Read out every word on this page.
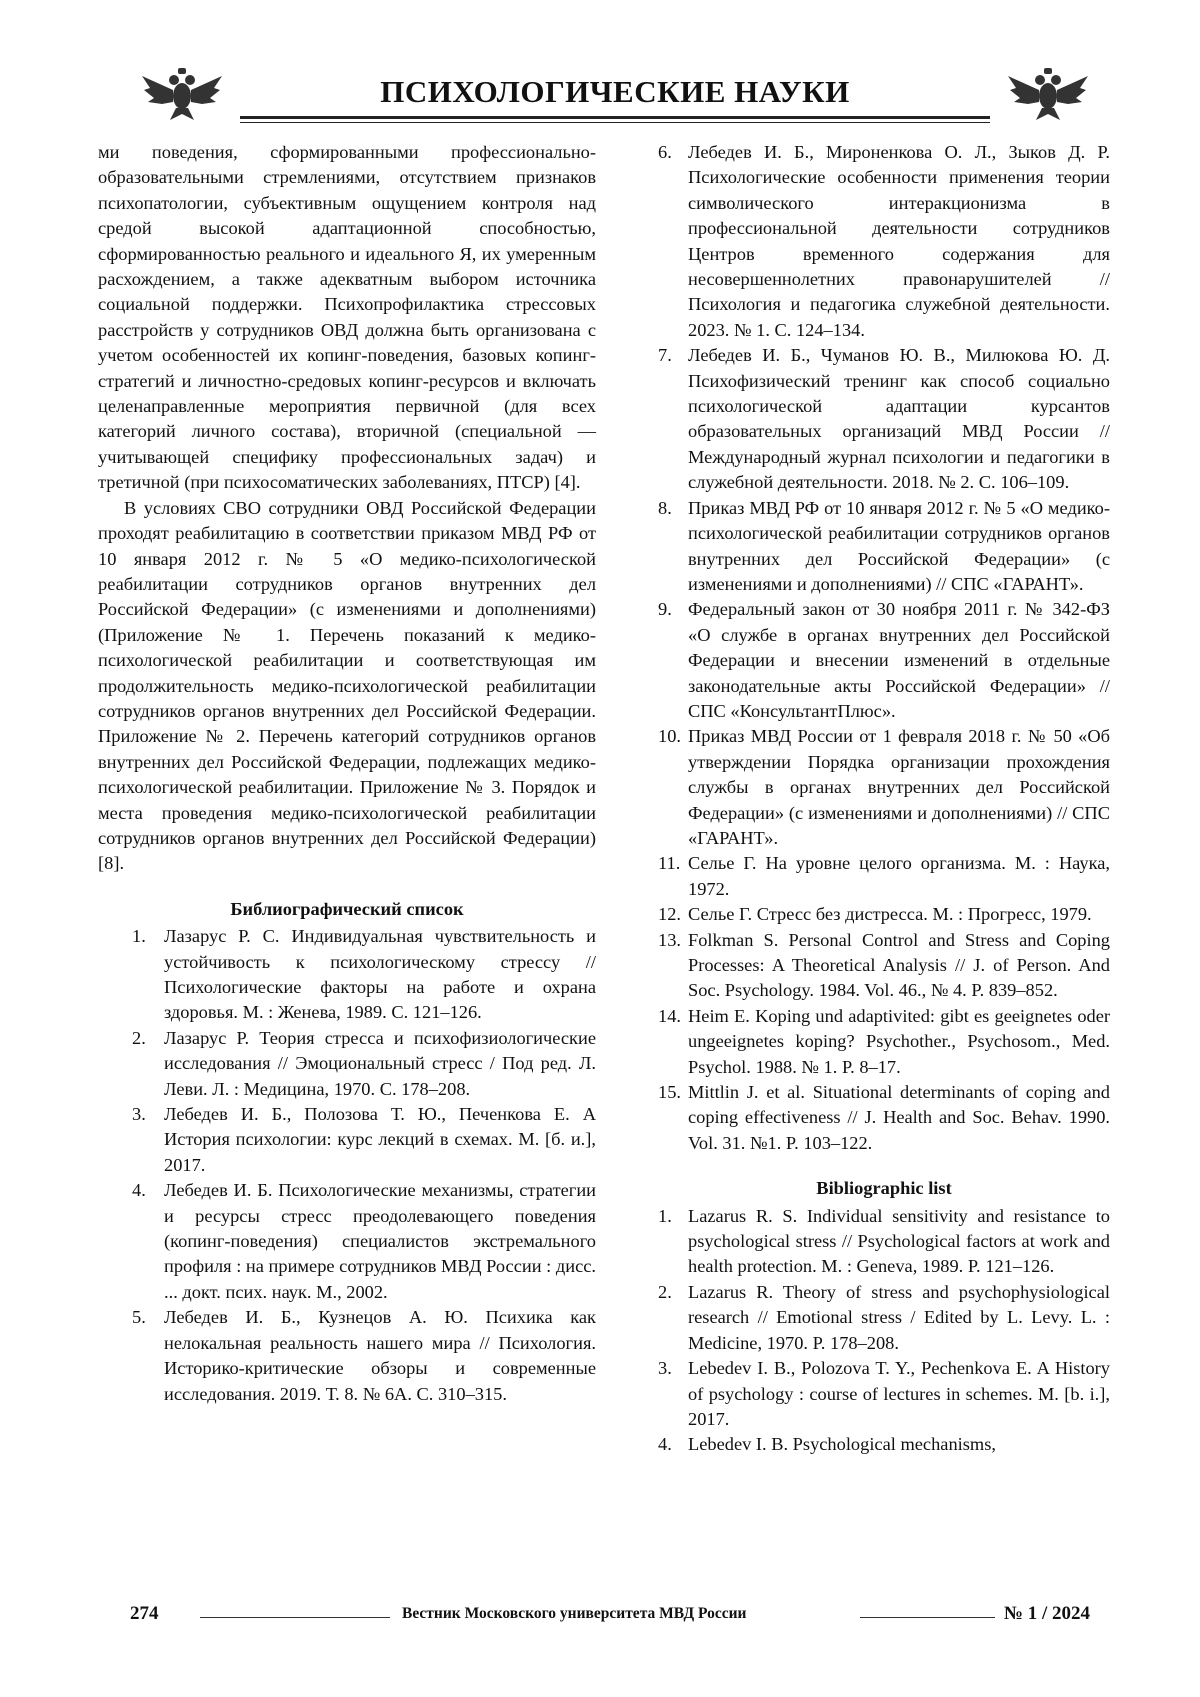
ПСИХОЛОГИЧЕСКИЕ НАУКИ

ми поведения, сформированными профессионально-образовательными стремлениями, отсутствием признаков психопатологии, субъективным ощущением контроля над средой высокой адаптационной способностью, сформированностью реального и идеального Я, их умеренным расхождением, а также адекватным выбором источника социальной поддержки. Психопрофилактика стрессовых расстройств у сотрудников ОВД должна быть организована с учетом особенностей их копинг-поведения, базовых копинг-стратегий и личностно-средовых копинг-ресурсов и включать целенаправленные мероприятия первичной (для всех категорий личного состава), вторичной (специальной — учитывающей специфику профессиональных задач) и третичной (при психосоматических заболеваниях, ПТСР) [4].

В условиях СВО сотрудники ОВД Российской Федерации проходят реабилитацию в соответствии приказом МВД РФ от 10 января 2012 г. № 5 «О медико-психологической реабилитации сотрудников органов внутренних дел Российской Федерации» (с изменениями и дополнениями) (Приложение № 1. Перечень показаний к медико-психологической реабилитации и соответствующая им продолжительность медико-психологической реабилитации сотрудников органов внутренних дел Российской Федерации. Приложение № 2. Перечень категорий сотрудников органов внутренних дел Российской Федерации, подлежащих медико-психологической реабилитации. Приложение № 3. Порядок и места проведения медико-психологической реабилитации сотрудников органов внутренних дел Российской Федерации) [8].

Библиографический список
1. Лазарус Р. С. Индивидуальная чувствительность и устойчивость к психологическому стрессу // Психологические факторы на работе и охрана здоровья. М. : Женева, 1989. С. 121–126.
2. Лазарус Р. Теория стресса и психофизиологические исследования // Эмоциональный стресс / Под ред. Л. Леви. Л. : Медицина, 1970. С. 178–208.
3. Лебедев И. Б., Полозова Т. Ю., Печенкова Е. А История психологии: курс лекций в схемах. М. [б. и.], 2017.
4. Лебедев И. Б. Психологические механизмы, стратегии и ресурсы стресс преодолевающего поведения (копинг-поведения) специалистов экстремального профиля : на примере сотрудников МВД России : дисс. ... докт. псих. наук. М., 2002.
5. Лебедев И. Б., Кузнецов А. Ю. Психика как нелокальная реальность нашего мира // Психология. Историко-критические обзоры и современные исследования. 2019. Т. 8. № 6А. С. 310–315.
6. Лебедев И. Б., Мироненкова О. Л., Зыков Д. Р. Психологические особенности применения теории символического интеракционизма в профессиональной деятельности сотрудников Центров временного содержания для несовершеннолетних правонарушителей // Психология и педагогика служебной деятельности. 2023. № 1. С. 124–134.
7. Лебедев И. Б., Чуманов Ю. В., Милюкова Ю. Д. Психофизический тренинг как способ социально психологической адаптации курсантов образовательных организаций МВД России // Международный журнал психологии и педагогики в служебной деятельности. 2018. № 2. С. 106–109.
8. Приказ МВД РФ от 10 января 2012 г. № 5 «О медико-психологической реабилитации сотрудников органов внутренних дел Российской Федерации» (с изменениями и дополнениями) // СПС «ГАРАНТ».
9. Федеральный закон от 30 ноября 2011 г. № 342-ФЗ «О службе в органах внутренних дел Российской Федерации и внесении изменений в отдельные законодательные акты Российской Федерации» // СПС «КонсультантПлюс».
10. Приказ МВД России от 1 февраля 2018 г. № 50 «Об утверждении Порядка организации прохождения службы в органах внутренних дел Российской Федерации» (с изменениями и дополнениями) // СПС «ГАРАНТ».
11. Селье Г. На уровне целого организма. М. : Наука, 1972.
12. Селье Г. Стресс без дистресса. М. : Прогресс, 1979.
13. Folkman S. Personal Control and Stress and Coping Processes: A Theoretical Analysis // J. of Person. And Soc. Psychology. 1984. Vol. 46., № 4. P. 839–852.
14. Heim E. Koping und adaptivited: gibt es geeignetes oder ungeeignetes koping? Psychother., Psychosom., Med. Psychol. 1988. № 1. P. 8–17.
15. Mittlin J. et al. Situational determinants of coping and coping effectiveness // J. Health and Soc. Behav. 1990. Vol. 31. №1. P. 103–122.
Bibliographic list
1. Lazarus R. S. Individual sensitivity and resistance to psychological stress // Psychological factors at work and health protection. M. : Geneva, 1989. P. 121–126.
2. Lazarus R. Theory of stress and psychophysiological research // Emotional stress / Edited by L. Levy. L. : Medicine, 1970. P. 178–208.
3. Lebedev I. B., Polozova T. Y., Pechenkova E. A History of psychology : course of lectures in schemes. M. [b. i.], 2017.
4. Lebedev I. B. Psychological mechanisms,
274	Вестник Московского университета МВД России	№ 1 / 2024
